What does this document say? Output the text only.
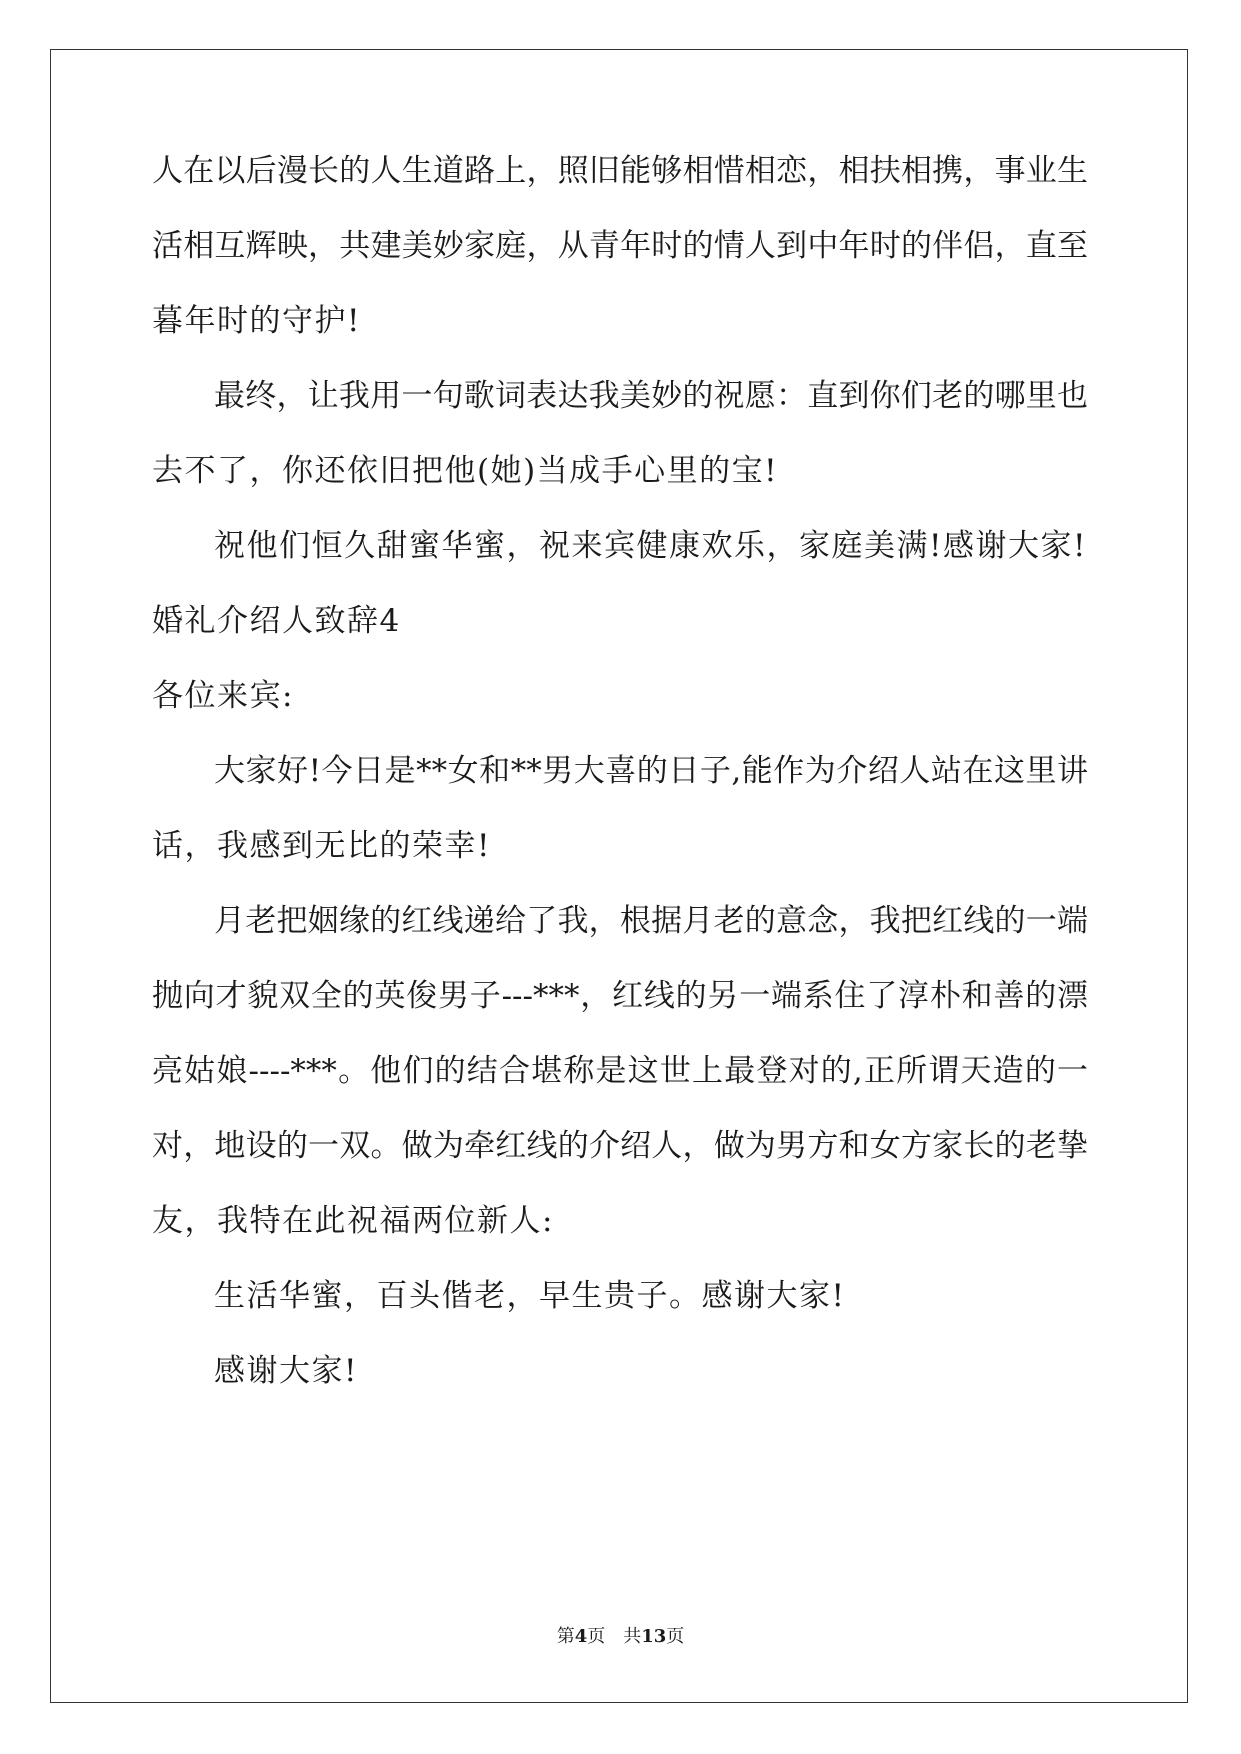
人在以后漫长的人生道路上，照旧能够相惜相恋，相扶相携，事业生
活相互辉映，共建美妙家庭，从青年时的情人到中年时的伴侣，直至
暮年时的守护!
最终，让我用一句歌词表达我美妙的祝愿：直到你们老的哪里也
去不了，你还依旧把他(她)当成手心里的宝!
祝他们恒久甜蜜华蜜，祝来宾健康欢乐，家庭美满!感谢大家!
婚礼介绍人致辞4
各位来宾:
大家好!今日是**女和**男大喜的日子,能作为介绍人站在这里讲
话，我感到无比的荣幸!
月老把姻缘的红线递给了我，根据月老的意念，我把红线的一端
抛向才貌双全的英俊男子---***，红线的另一端系住了淳朴和善的漂
亮姑娘----***。他们的结合堪称是这世上最登对的,正所谓天造的一
对，地设的一双。做为牵红线的介绍人，做为男方和女方家长的老挚
友，我特在此祝福两位新人:
生活华蜜，百头偕老，早生贵子。感谢大家!
感谢大家!
第4页 共13页
